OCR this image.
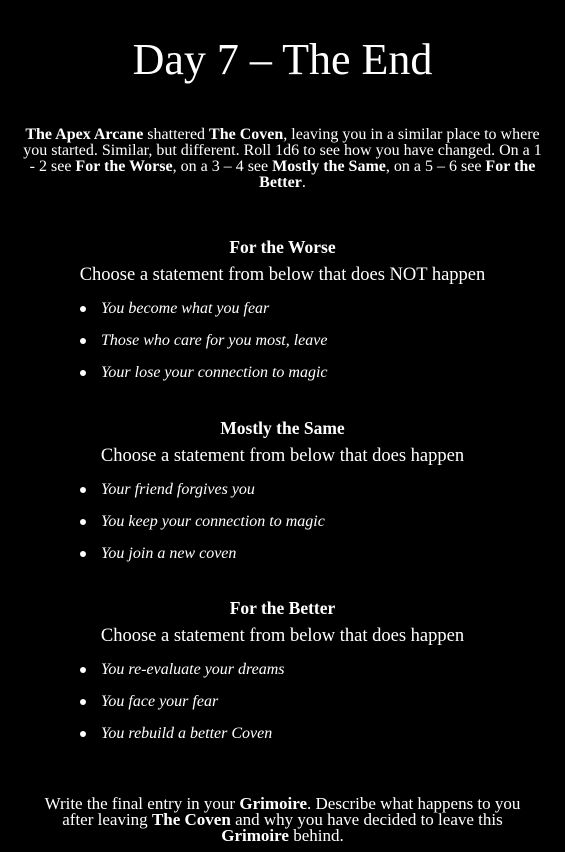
Day 7 – The End
The Apex Arcane shattered The Coven, leaving you in a similar place to where you started. Similar, but different. Roll 1d6 to see how you have changed. On a 1 - 2 see For the Worse, on a 3 – 4 see Mostly the Same, on a 5 – 6 see For the Better.
For the Worse
Choose a statement from below that does NOT happen
You become what you fear
Those who care for you most, leave
Your lose your connection to magic
Mostly the Same
Choose a statement from below that does happen
Your friend forgives you
You keep your connection to magic
You join a new coven
For the Better
Choose a statement from below that does happen
You re-evaluate your dreams
You face your fear
You rebuild a better Coven
Write the final entry in your Grimoire. Describe what happens to you after leaving The Coven and why you have decided to leave this Grimoire behind.
